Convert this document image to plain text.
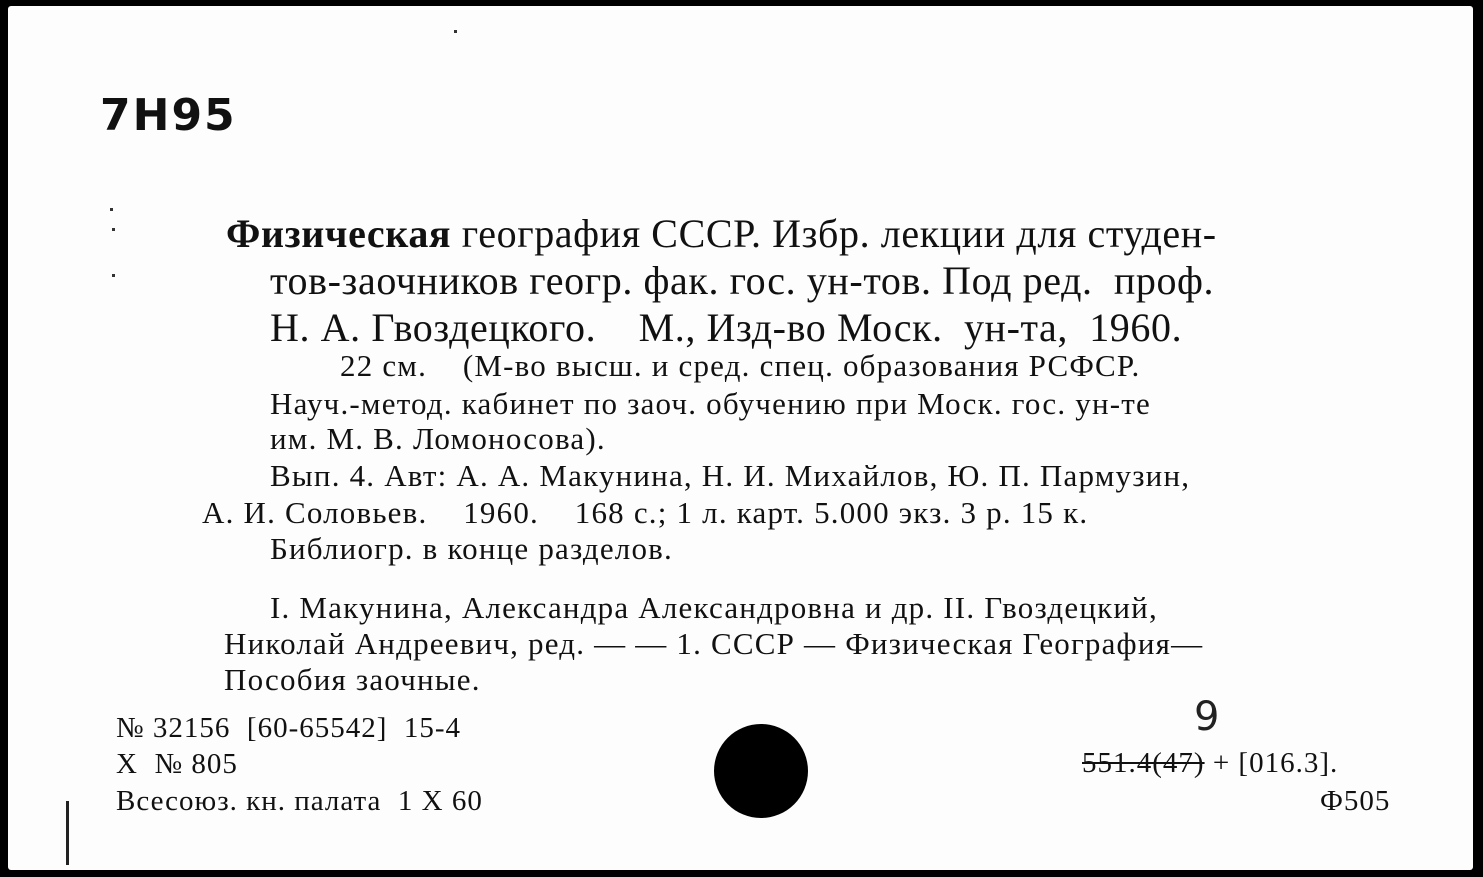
7Н95
Физическая география СССР. Избр. лекции для студен-
тов-заочников геогр. фак. гос. ун-тов. Под ред.  проф.
Н. А. Гвоздецкого.    М., Изд-во Моск.  ун-та,  1960.
22 см.    (М-во высш. и сред. спец. образования РСФСР.
Науч.-метод. кабинет по заоч. обучению при Моск. гос. ун-те
им. М. В. Ломоносова).
Вып. 4. Авт: А. А. Макунина, Н. И. Михайлов, Ю. П. Пармузин,
А. И. Соловьев.    1960.    168 с.; 1 л. карт. 5.000 экз. 3 р. 15 к.
Библиогр. в конце разделов.
I. Макунина, Александра Александровна и др. II. Гвоздецкий,
Николай Андреевич, ред. — — 1. СССР — Физическая География—
Пособия заочные.
№ 32156  [60-65542]  15-4
X  № 805
Всесоюз. кн. палата  1 X 60
9
551.4(47) + [016.3].
Ф505
